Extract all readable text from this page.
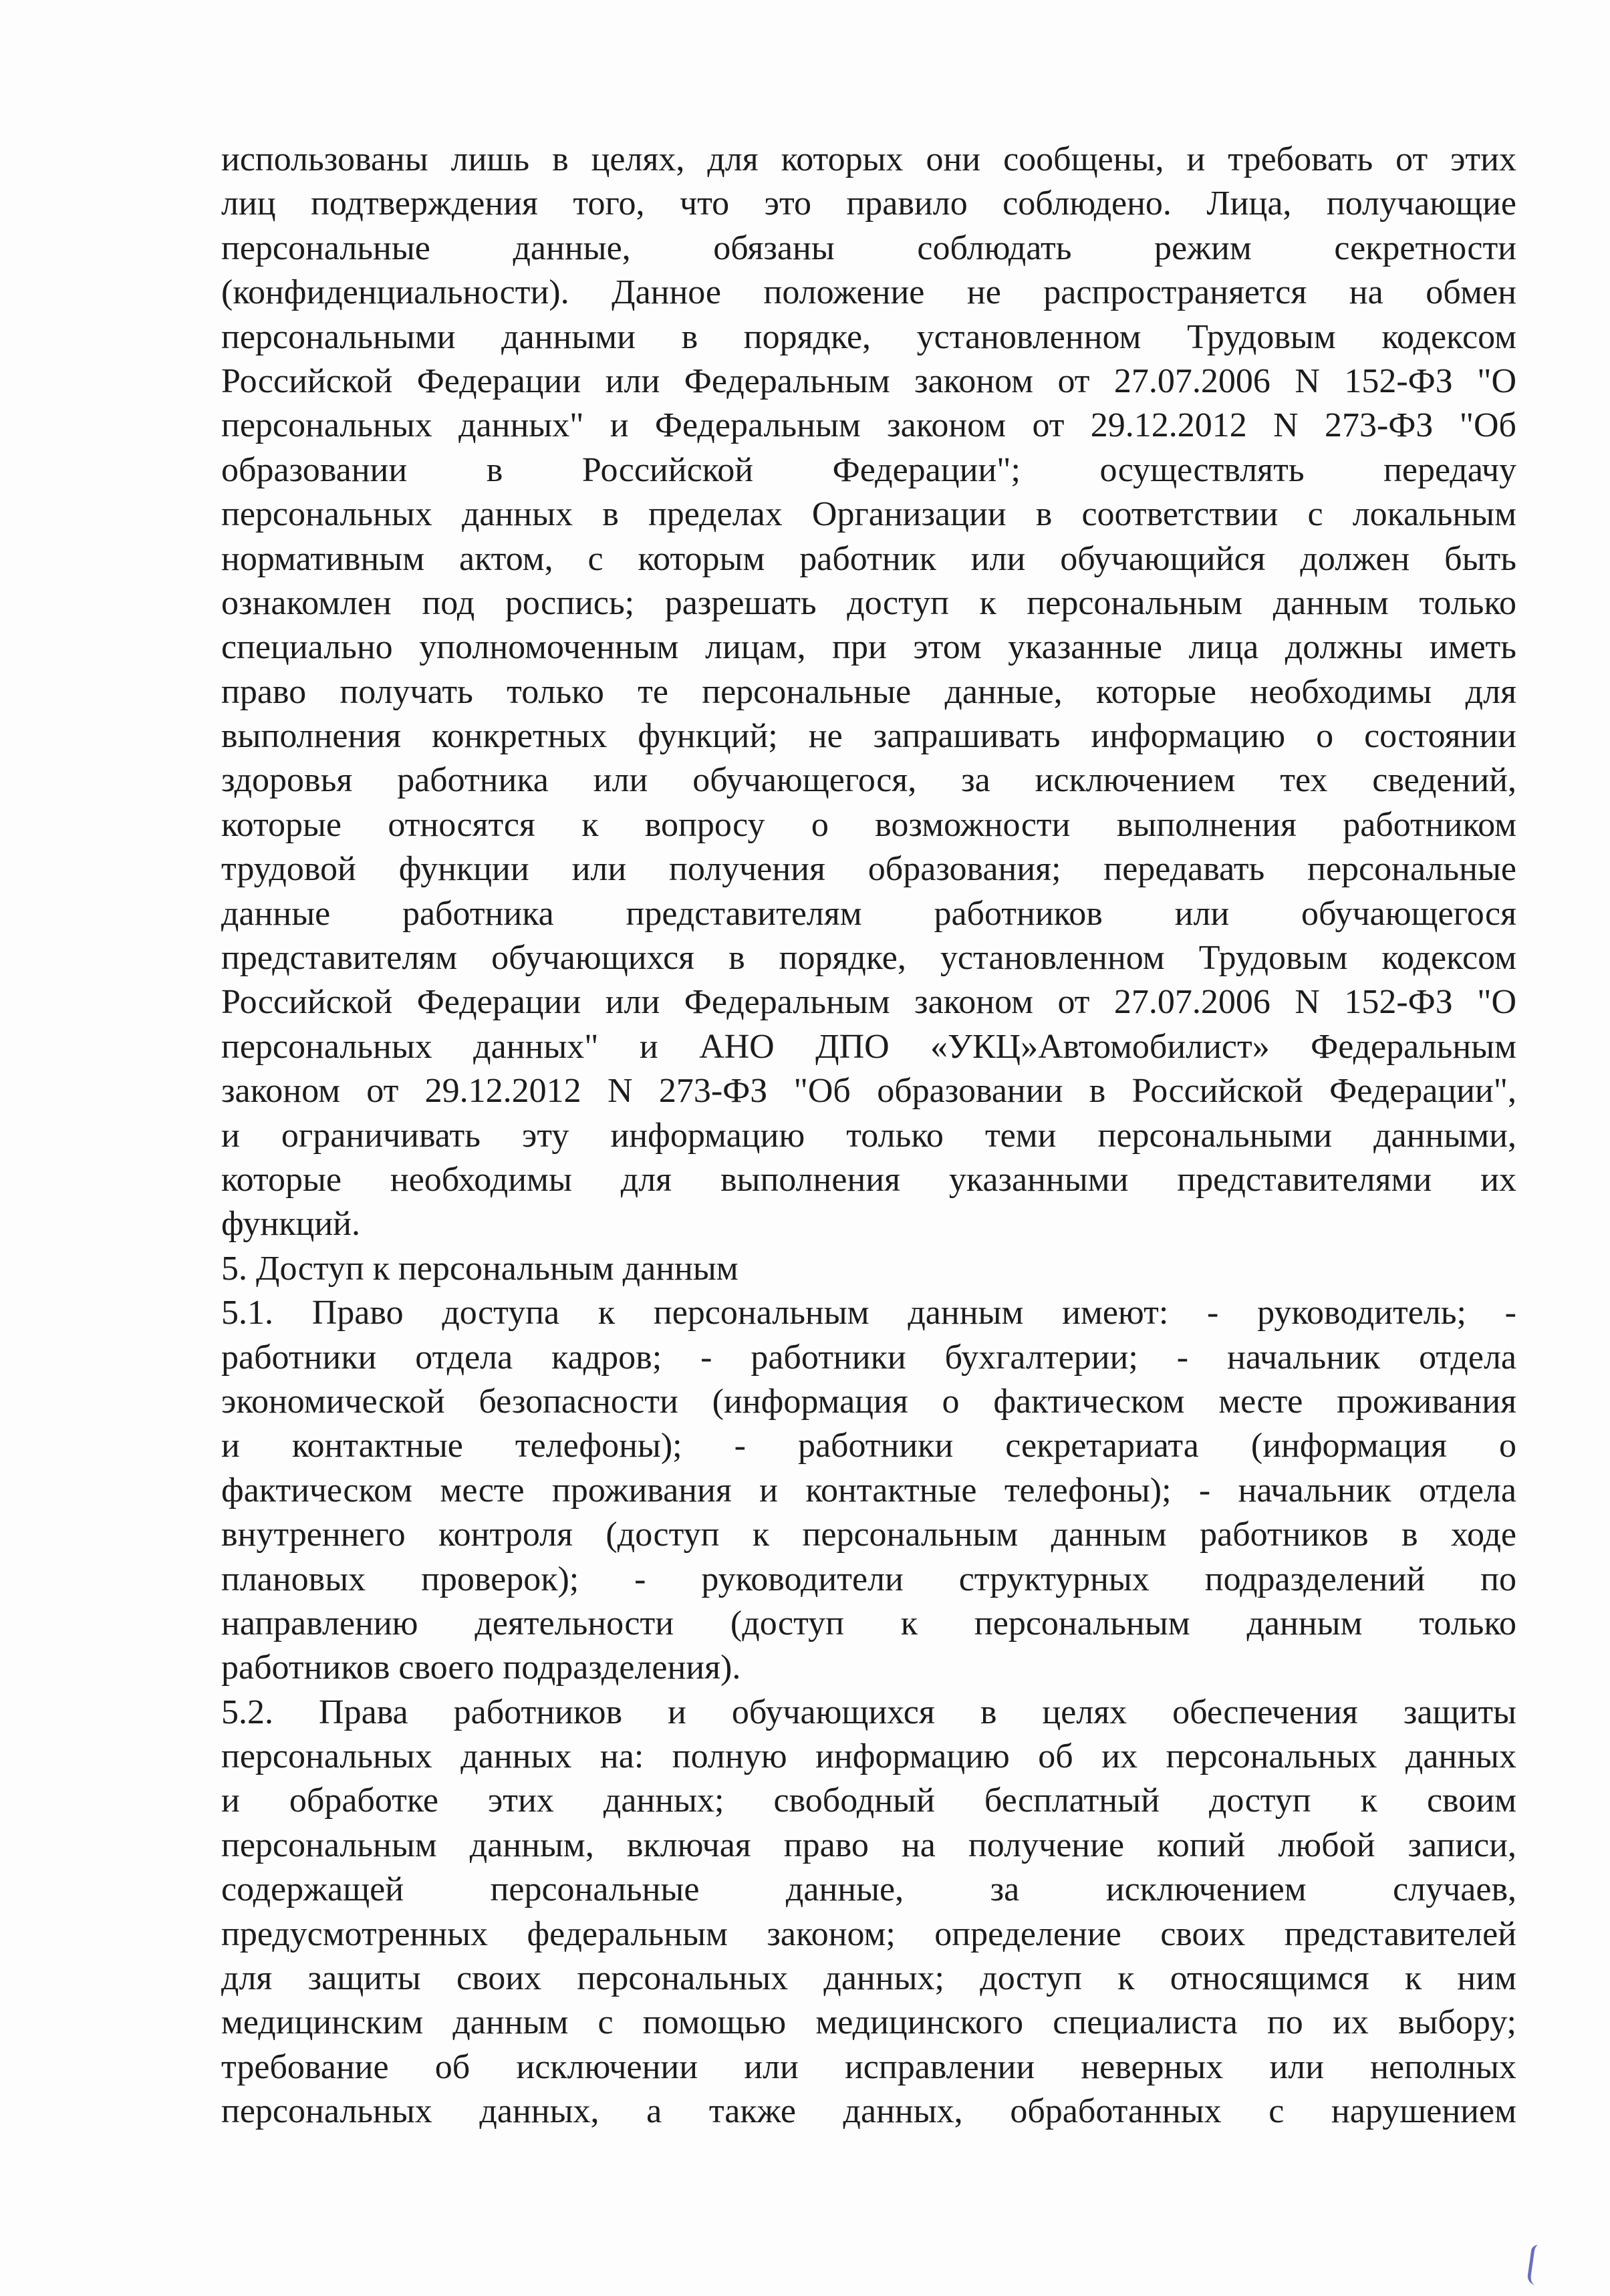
использованы лишь в целях, для которых они сообщены, и требовать от этих
лиц подтверждения того, что это правило соблюдено. Лица, получающие
персональные данные, обязаны соблюдать режим секретности
(конфиденциальности). Данное положение не распространяется на обмен
персональными данными в порядке, установленном Трудовым кодексом
Российской Федерации или Федеральным законом от 27.07.2006 N 152-ФЗ "О
персональных данных" и Федеральным законом от 29.12.2012 N 273-ФЗ "Об
образовании в Российской Федерации"; осуществлять передачу
персональных данных в пределах Организации в соответствии с локальным
нормативным актом, с которым работник или обучающийся должен быть
ознакомлен под роспись; разрешать доступ к персональным данным только
специально уполномоченным лицам, при этом указанные лица должны иметь
право получать только те персональные данные, которые необходимы для
выполнения конкретных функций; не запрашивать информацию о состоянии
здоровья работника или обучающегося, за исключением тех сведений,
которые относятся к вопросу о возможности выполнения работником
трудовой функции или получения образования; передавать персональные
данные работника представителям работников или обучающегося
представителям обучающихся в порядке, установленном Трудовым кодексом
Российской Федерации или Федеральным законом от 27.07.2006 N 152-ФЗ "О
персональных данных" и АНО ДПО «УКЦ»Автомобилист» Федеральным
законом от 29.12.2012 N 273-ФЗ "Об образовании в Российской Федерации",
и ограничивать эту информацию только теми персональными данными,
которые необходимы для выполнения указанными представителями их
функций.
5. Доступ к персональным данным
5.1. Право доступа к персональным данным имеют: - руководитель; -
работники отдела кадров; - работники бухгалтерии; - начальник отдела
экономической безопасности (информация о фактическом месте проживания
и контактные телефоны); - работники секретариата (информация о
фактическом месте проживания и контактные телефоны); - начальник отдела
внутреннего контроля (доступ к персональным данным работников в ходе
плановых проверок); - руководители структурных подразделений по
направлению деятельности (доступ к персональным данным только
работников своего подразделения).
5.2. Права работников и обучающихся в целях обеспечения защиты
персональных данных на: полную информацию об их персональных данных
и обработке этих данных; свободный бесплатный доступ к своим
персональным данным, включая право на получение копий любой записи,
содержащей персональные данные, за исключением случаев,
предусмотренных федеральным законом; определение своих представителей
для защиты своих персональных данных; доступ к относящимся к ним
медицинским данным с помощью медицинского специалиста по их выбору;
требование об исключении или исправлении неверных или неполных
персональных данных, а также данных, обработанных с нарушением
